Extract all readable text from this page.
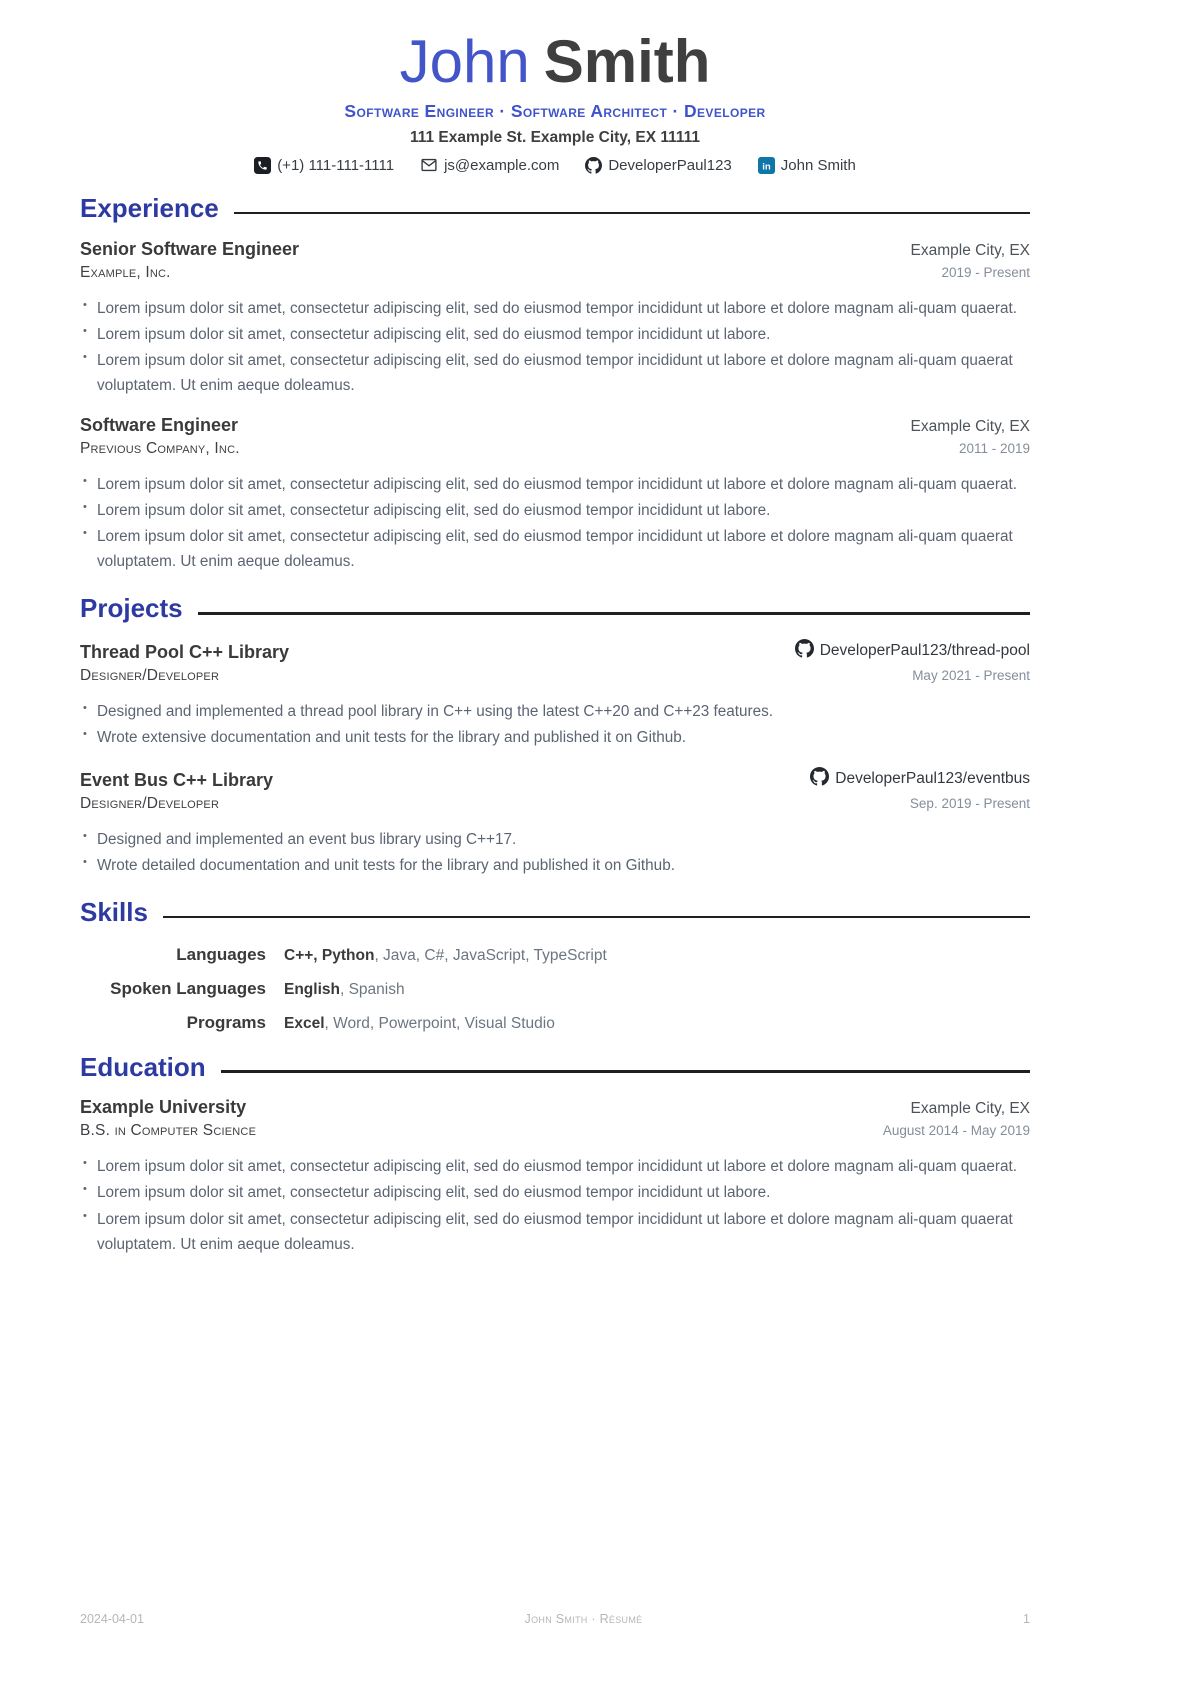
John Smith
Software Engineer · Software Architect · Developer
111 Example St. Example City, EX 11111
(+1) 111-111-1111	js@example.com	DeveloperPaul123 in John Smith
Experience
Senior Software Engineer	Example City, EX
Example, Inc.	2019 - Present
• Lorem ipsum dolor sit amet, consectetur adipiscing elit, sed do eiusmod tempor incididunt ut labore et dolore magnam ali-quam quaerat.
• Lorem ipsum dolor sit amet, consectetur adipiscing elit, sed do eiusmod tempor incididunt ut labore.
• Lorem ipsum dolor sit amet, consectetur adipiscing elit, sed do eiusmod tempor incididunt ut labore et dolore magnam ali-quam quaerat voluptatem. Ut enim aeque doleamus.
Software Engineer	Example City, EX
Previous Company, Inc.	2011 - 2019
• Lorem ipsum dolor sit amet, consectetur adipiscing elit, sed do eiusmod tempor incididunt ut labore et dolore magnam ali-quam quaerat.
• Lorem ipsum dolor sit amet, consectetur adipiscing elit, sed do eiusmod tempor incididunt ut labore.
• Lorem ipsum dolor sit amet, consectetur adipiscing elit, sed do eiusmod tempor incididunt ut labore et dolore magnam ali-quam quaerat voluptatem. Ut enim aeque doleamus.
Projects
Thread Pool C++ Library	DeveloperPaul123/thread-pool
Designer/Developer	May 2021 - Present
• Designed and implemented a thread pool library in C++ using the latest C++20 and C++23 features.
• Wrote extensive documentation and unit tests for the library and published it on Github.
Event Bus C++ Library	DeveloperPaul123/eventbus
Designer/Developer	Sep. 2019 - Present
• Designed and implemented an event bus library using C++17.
• Wrote detailed documentation and unit tests for the library and published it on Github.
Skills
Languages C++, Python, Java, C#, JavaScript, TypeScript
Spoken Languages English, Spanish
Programs Excel, Word, Powerpoint, Visual Studio
Education
Example University	Example City, EX
B.S. in Computer Science	August 2014 - May 2019
• Lorem ipsum dolor sit amet, consectetur adipiscing elit, sed do eiusmod tempor incididunt ut labore et dolore magnam ali-quam quaerat.
• Lorem ipsum dolor sit amet, consectetur adipiscing elit, sed do eiusmod tempor incididunt ut labore.
• Lorem ipsum dolor sit amet, consectetur adipiscing elit, sed do eiusmod tempor incididunt ut labore et dolore magnam ali-quam quaerat voluptatem. Ut enim aeque doleamus.
2024-04-01	John Smith · Résumé	1
